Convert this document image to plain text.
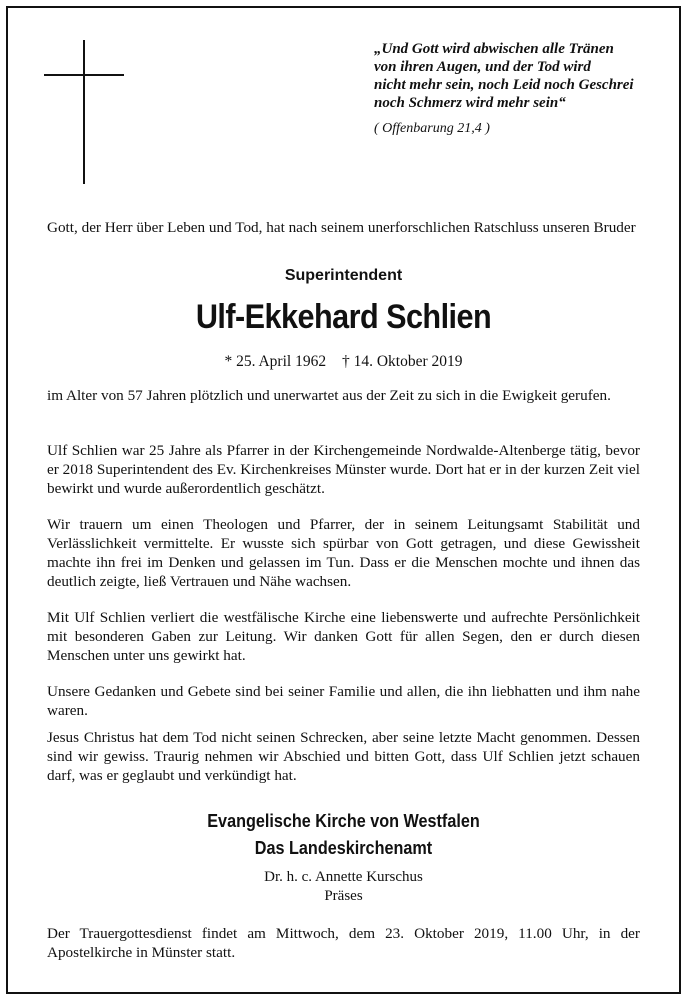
„Und Gott wird abwischen alle Tränen
von ihren Augen, und der Tod wird
nicht mehr sein, noch Leid noch Geschrei
noch Schmerz wird mehr sein“
( Offenbarung 21,4 )
Gott, der Herr über Leben und Tod, hat nach seinem unerforschlichen Ratschluss unseren Bruder
Superintendent
Ulf-Ekkehard Schlien
* 25. April 1962 † 14. Oktober 2019
im Alter von 57 Jahren plötzlich und unerwartet aus der Zeit zu sich in die Ewigkeit gerufen.
Ulf Schlien war 25 Jahre als Pfarrer in der Kirchengemeinde Nordwalde-Altenberge tätig, bevor er 2018 Superintendent des Ev. Kirchenkreises Münster wurde. Dort hat er in der kurzen Zeit viel bewirkt und wurde außerordentlich geschätzt.
Wir trauern um einen Theologen und Pfarrer, der in seinem Leitungsamt Stabilität und Verlässlichkeit vermittelte. Er wusste sich spürbar von Gott getragen, und diese Gewissheit machte ihn frei im Denken und gelassen im Tun. Dass er die Menschen mochte und ihnen das deutlich zeigte, ließ Vertrauen und Nähe wachsen.
Mit Ulf Schlien verliert die westfälische Kirche eine liebenswerte und aufrechte Persönlichkeit mit besonderen Gaben zur Leitung. Wir danken Gott für allen Segen, den er durch diesen Menschen unter uns gewirkt hat.
Unsere Gedanken und Gebete sind bei seiner Familie und allen, die ihn liebhatten und ihm nahe waren.
Jesus Christus hat dem Tod nicht seinen Schrecken, aber seine letzte Macht genommen. Dessen sind wir gewiss. Traurig nehmen wir Abschied und bitten Gott, dass Ulf Schlien jetzt schauen darf, was er geglaubt und verkündigt hat.
Evangelische Kirche von Westfalen
Das Landeskirchenamt
Dr. h. c. Annette Kurschus
Präses
Der Trauergottesdienst findet am Mittwoch, dem 23. Oktober 2019, 11.00 Uhr, in der Apostelkirche in Münster statt.
